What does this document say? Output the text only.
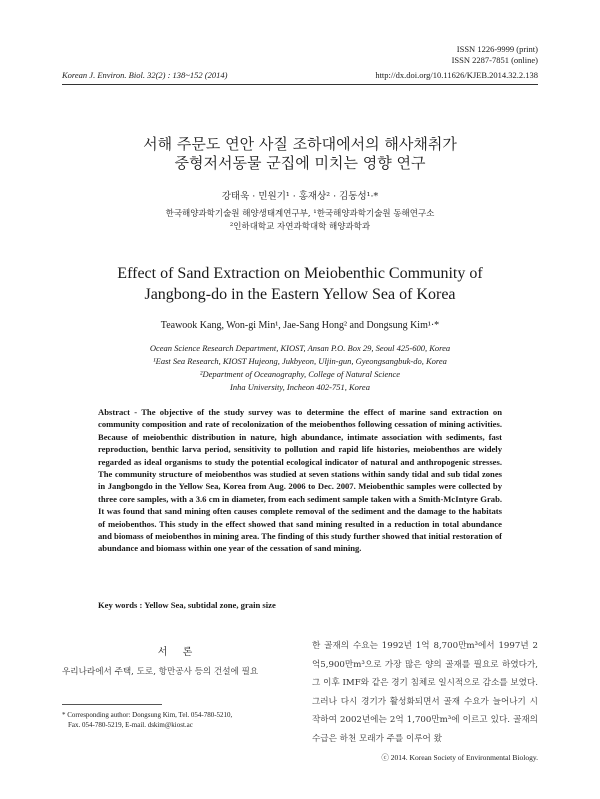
ISSN 1226-9999 (print)
ISSN 2287-7851 (online)
Korean J. Environ. Biol. 32(2) : 138~152 (2014)	http://dx.doi.org/10.11626/KJEB.2014.32.2.138
서해 주문도 연안 사질 조하대에서의 해사채취가
중형저서동물 군집에 미치는 영향 연구
강태욱 · 민원기¹ · 홍재상² · 김동성¹·*
한국해양과학기술원 해양생태계연구부, ¹한국해양과학기술원 동해연구소
²인하대학교 자연과학대학 해양과학과
Effect of Sand Extraction on Meiobenthic Community of
Jangbong-do in the Eastern Yellow Sea of Korea
Teawook Kang, Won-gi Min¹, Jae-Sang Hong² and Dongsung Kim¹·*
Ocean Science Research Department, KIOST, Ansan P.O. Box 29, Seoul 425-600, Korea
¹East Sea Research, KIOST Hujeong, Jukbyeon, Uljin-gun, Gyeongsangbuk-do, Korea
²Department of Oceanography, College of Natural Science
Inha University, Incheon 402-751, Korea
Abstract - The objective of the study survey was to determine the effect of marine sand extraction on community composition and rate of recolonization of the meiobenthos following cessation of mining activities. Because of meiobenthic distribution in nature, high abundance, intimate association with sediments, fast reproduction, benthic larva period, sensitivity to pollution and rapid life histories, meiobenthos are widely regarded as ideal organisms to study the potential ecological indicator of natural and anthropogenic stresses. The community structure of meiobenthos was studied at seven stations within sandy tidal and sub tidal zones in Jangbongdo in the Yellow Sea, Korea from Aug. 2006 to Dec. 2007. Meiobenthic samples were collected by three core samples, with a 3.6 cm in diameter, from each sediment sample taken with a Smith-McIntyre Grab. It was found that sand mining often causes complete removal of the sediment and the damage to the habitats of meiobenthos. This study in the effect showed that sand mining resulted in a reduction in total abundance and biomass of meiobenthos in mining area. The finding of this study further showed that initial restoration of abundance and biomass within one year of the cessation of sand mining.
Key words : Yellow Sea, subtidal zone, grain size
서 론
우리나라에서 주택, 도로, 항만공사 등의 건설에 필요
* Corresponding author: Dongsung Kim, Tel. 054-780-5210,
Fax. 054-780-5219, E-mail. dskim@kiost.ac
한 골재의 수요는 1992년 1억 8,700만m³에서 1997년 2억5,900만m³으로 가장 많은 양의 골재를 필요로 하였다가, 그 이후 IMF와 같은 경기 침체로 일시적으로 감소를 보였다. 그러나 다시 경기가 활성화되면서 골재 수요가 늘어나기 시작하여 2002년에는 2억 1,700만m³에 이르고 있다. 골재의 수급은 하천 모래가 주를 이루어 왔
ⓒ 2014. Korean Society of Environmental Biology.
